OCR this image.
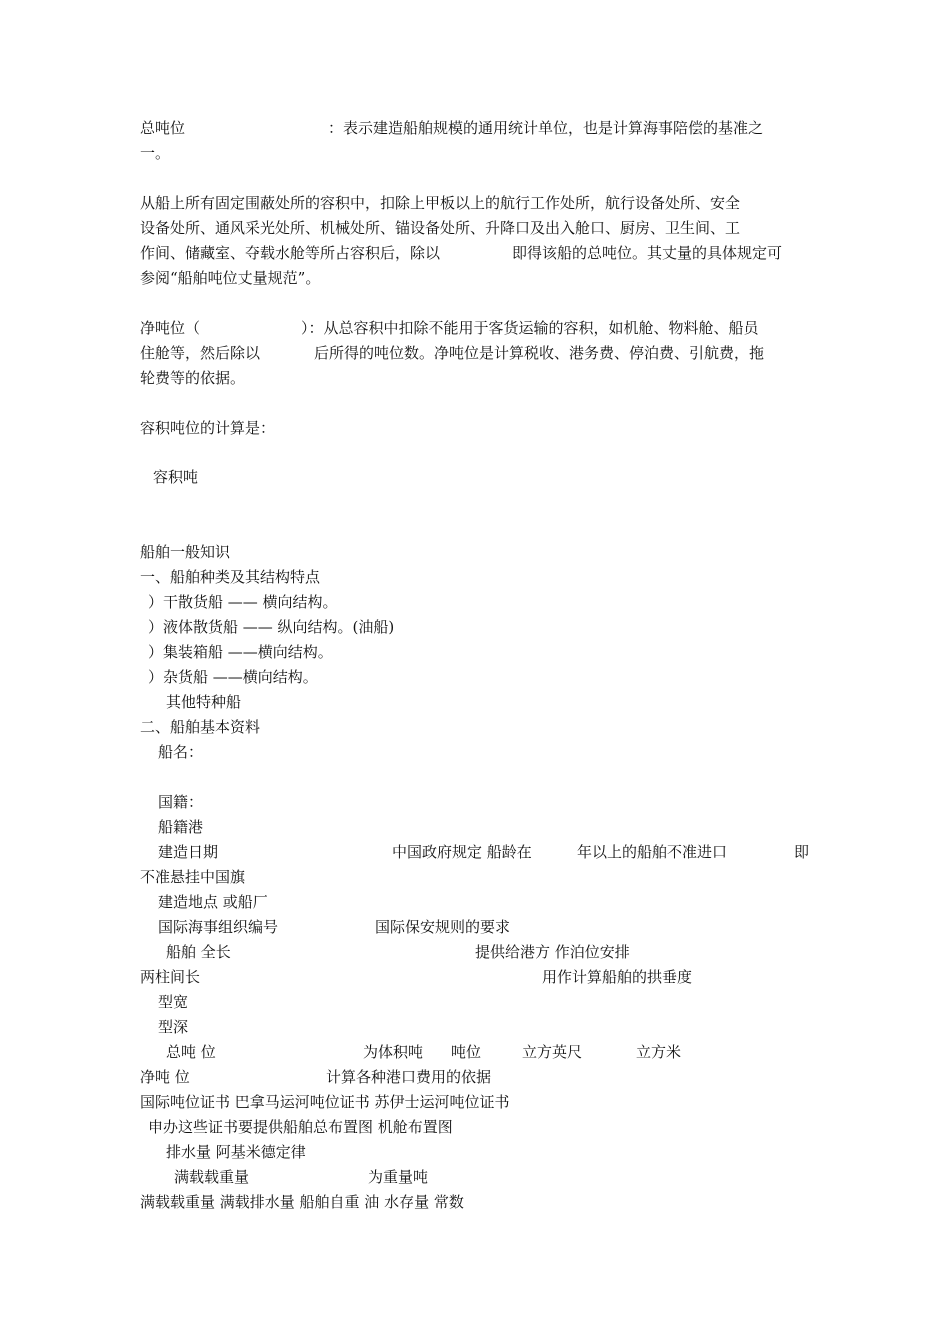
总吨位	：表示建造船舶规模的通用统计单位，也是计算海事陪偿的基准之
一。
从船上所有固定围蔽处所的容积中，扣除上甲板以上的航行工作处所，航行设备处所、安全
设备处所、通风采光处所、机械处所、锚设备处所、升降口及出入舱口、厨房、卫生间、工
作间、储藏室、夺载水舱等所占容积后，除以	即得该船的总吨位。其丈量的具体规定可
参阅“船舶吨位丈量规范”。
净吨位（	）：从总容积中扣除不能用于客货运输的容积，如机舱、物料舱、船员
住舱等，然后除以	后所得的吨位数。净吨位是计算税收、港务费、停泊费、引航费，拖
轮费等的依据。
容积吨位的计算是：
容积吨
船舶一般知识
一、船舶种类及其结构特点
）干散货船 —— 横向结构。
）液体散货船 —— 纵向结构。(油船)
）集装箱船 ——横向结构。
）杂货船 ——横向结构。
其他特种船
二、船舶基本资料
船名：
国籍：
船籍港
建造日期	中国政府规定 船龄在	年以上的船舶不准进口	即
不准悬挂中国旗
建造地点 或船厂
国际海事组织编号	国际保安规则的要求
船舶 全长	提供给港方 作泊位安排
两柱间长	用作计算船舶的拱垂度
型宽
型深
总吨 位	为体积吨 吨位	立方英尺	立方米
净吨 位	计算各种港口费用的依据
国际吨位证书 巴拿马运河吨位证书 苏伊士运河吨位证书
申办这些证书要提供船舶总布置图 机舱布置图
排水量 阿基米德定律
满载载重量	为重量吨
满载载重量 满载排水量 船舶自重 油 水存量 常数
